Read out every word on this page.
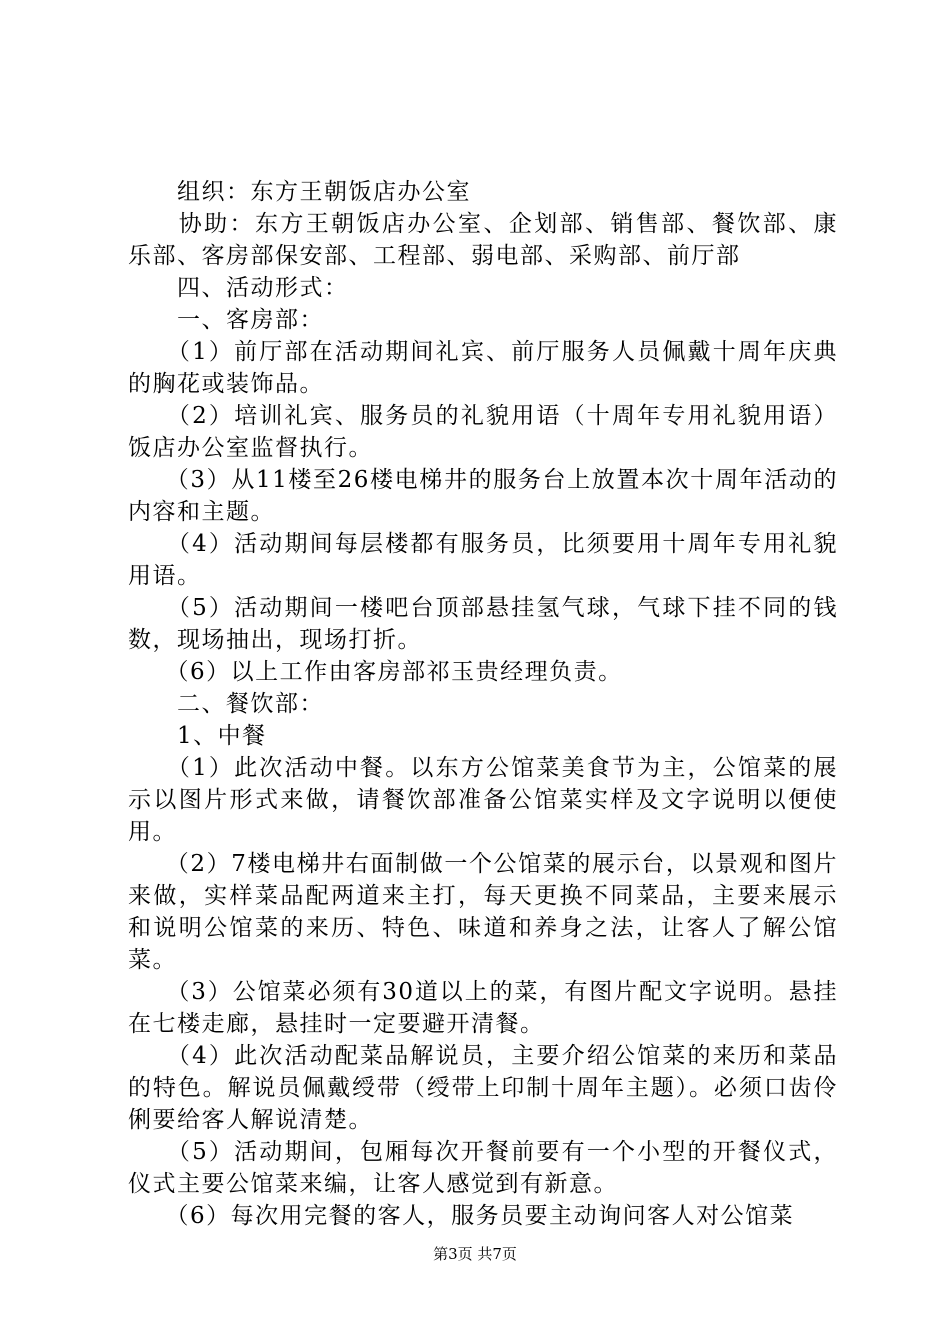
　　组织：东方王朝饭店办公室

　　协助：东方王朝饭店办公室、企划部、销售部、餐饮部、康乐部、客房部保安部、工程部、弱电部、采购部、前厅部

　　四、活动形式：

　　一、客房部：

　　（1）前厅部在活动期间礼宾、前厅服务人员佩戴十周年庆典的胸花或装饰品。

　　（2）培训礼宾、服务员的礼貌用语（十周年专用礼貌用语）饭店办公室监督执行。

　　（3）从11楼至26楼电梯井的服务台上放置本次十周年活动的内容和主题。

　　（4）活动期间每层楼都有服务员，比须要用十周年专用礼貌用语。

　　（5）活动期间一楼吧台顶部悬挂氢气球，气球下挂不同的钱数，现场抽出，现场打折。

　　（6）以上工作由客房部祁玉贵经理负责。

　　二、餐饮部：

　　1、中餐

　　（1）此次活动中餐。以东方公馆菜美食节为主，公馆菜的展示以图片形式来做，请餐饮部准备公馆菜实样及文字说明以便使用。

　　（2）7楼电梯井右面制做一个公馆菜的展示台，以景观和图片来做，实样菜品配两道来主打，每天更换不同菜品，主要来展示和说明公馆菜的来历、特色、味道和养身之法，让客人了解公馆菜。

　　（3）公馆菜必须有30道以上的菜，有图片配文字说明。悬挂在七楼走廊，悬挂时一定要避开清餐。

　　（4）此次活动配菜品解说员，主要介绍公馆菜的来历和菜品的特色。解说员佩戴绶带（绶带上印制十周年主题）。必须口齿伶俐要给客人解说清楚。

　　（5）活动期间，包厢每次开餐前要有一个小型的开餐仪式，仪式主要公馆菜来编，让客人感觉到有新意。

　　（6）每次用完餐的客人，服务员要主动询问客人对公馆菜

第3页 共7页
